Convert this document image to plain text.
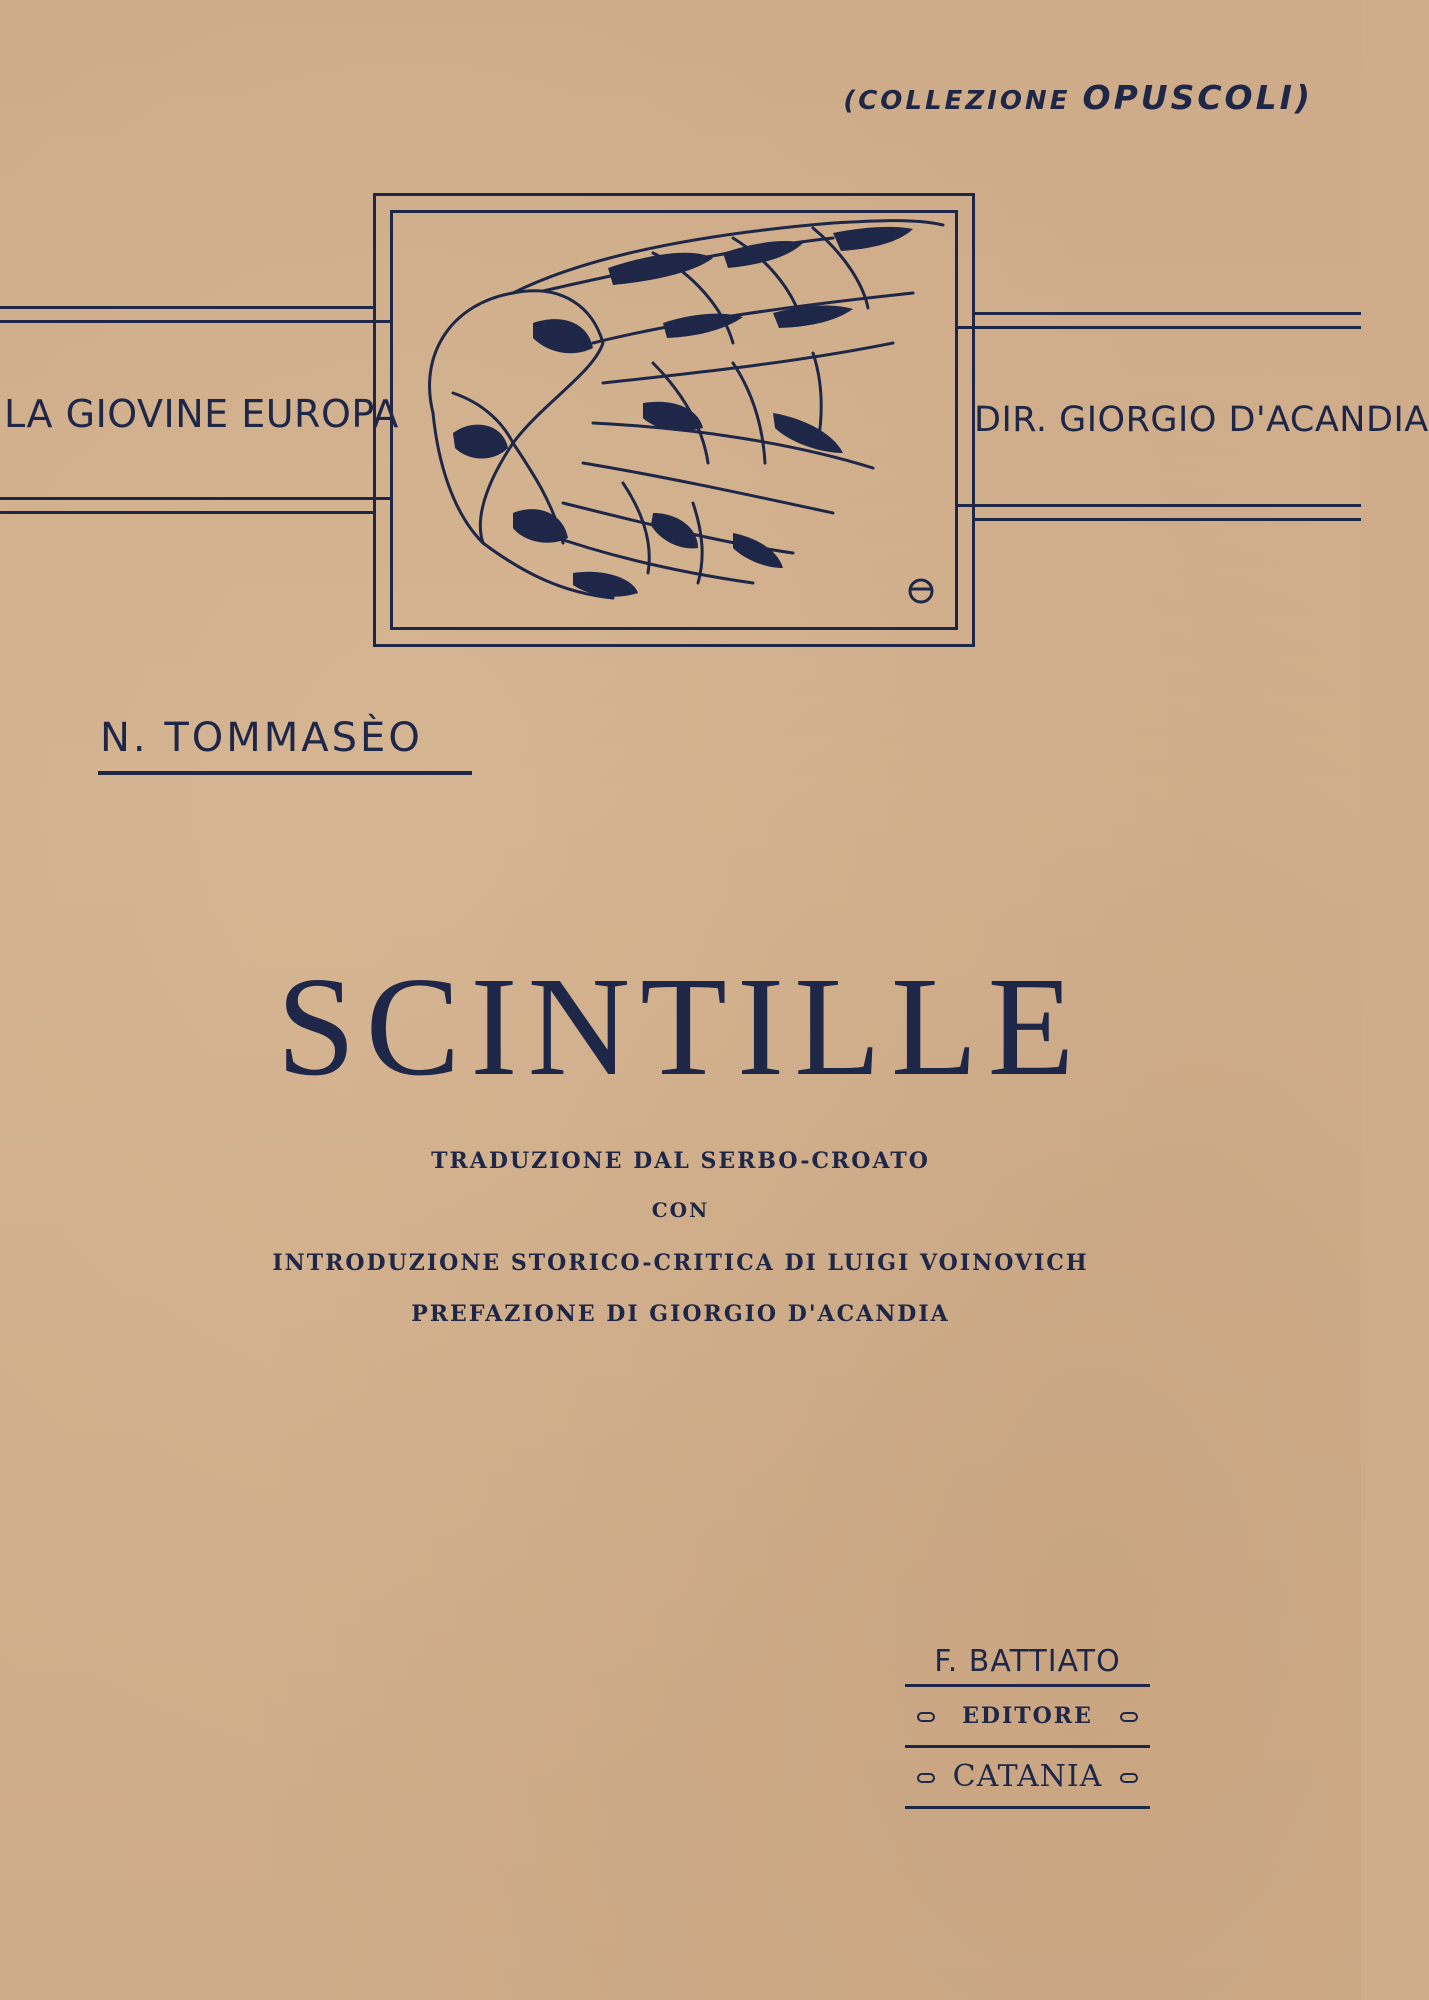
(COLLEZIONE OPUSCOLI)
LA GIOVINE EUROPA	DIR. GIORGIO D'ACANDIA
N. TOMMASÈO
SCINTILLE
TRADUZIONE DAL SERBO-CROATO
CON
INTRODUZIONE STORICO-CRITICA DI LUIGI VOINOVICH
PREFAZIONE DI GIORGIO D'ACANDIA
F. BATTIATO
EDITORE
CATANIA
